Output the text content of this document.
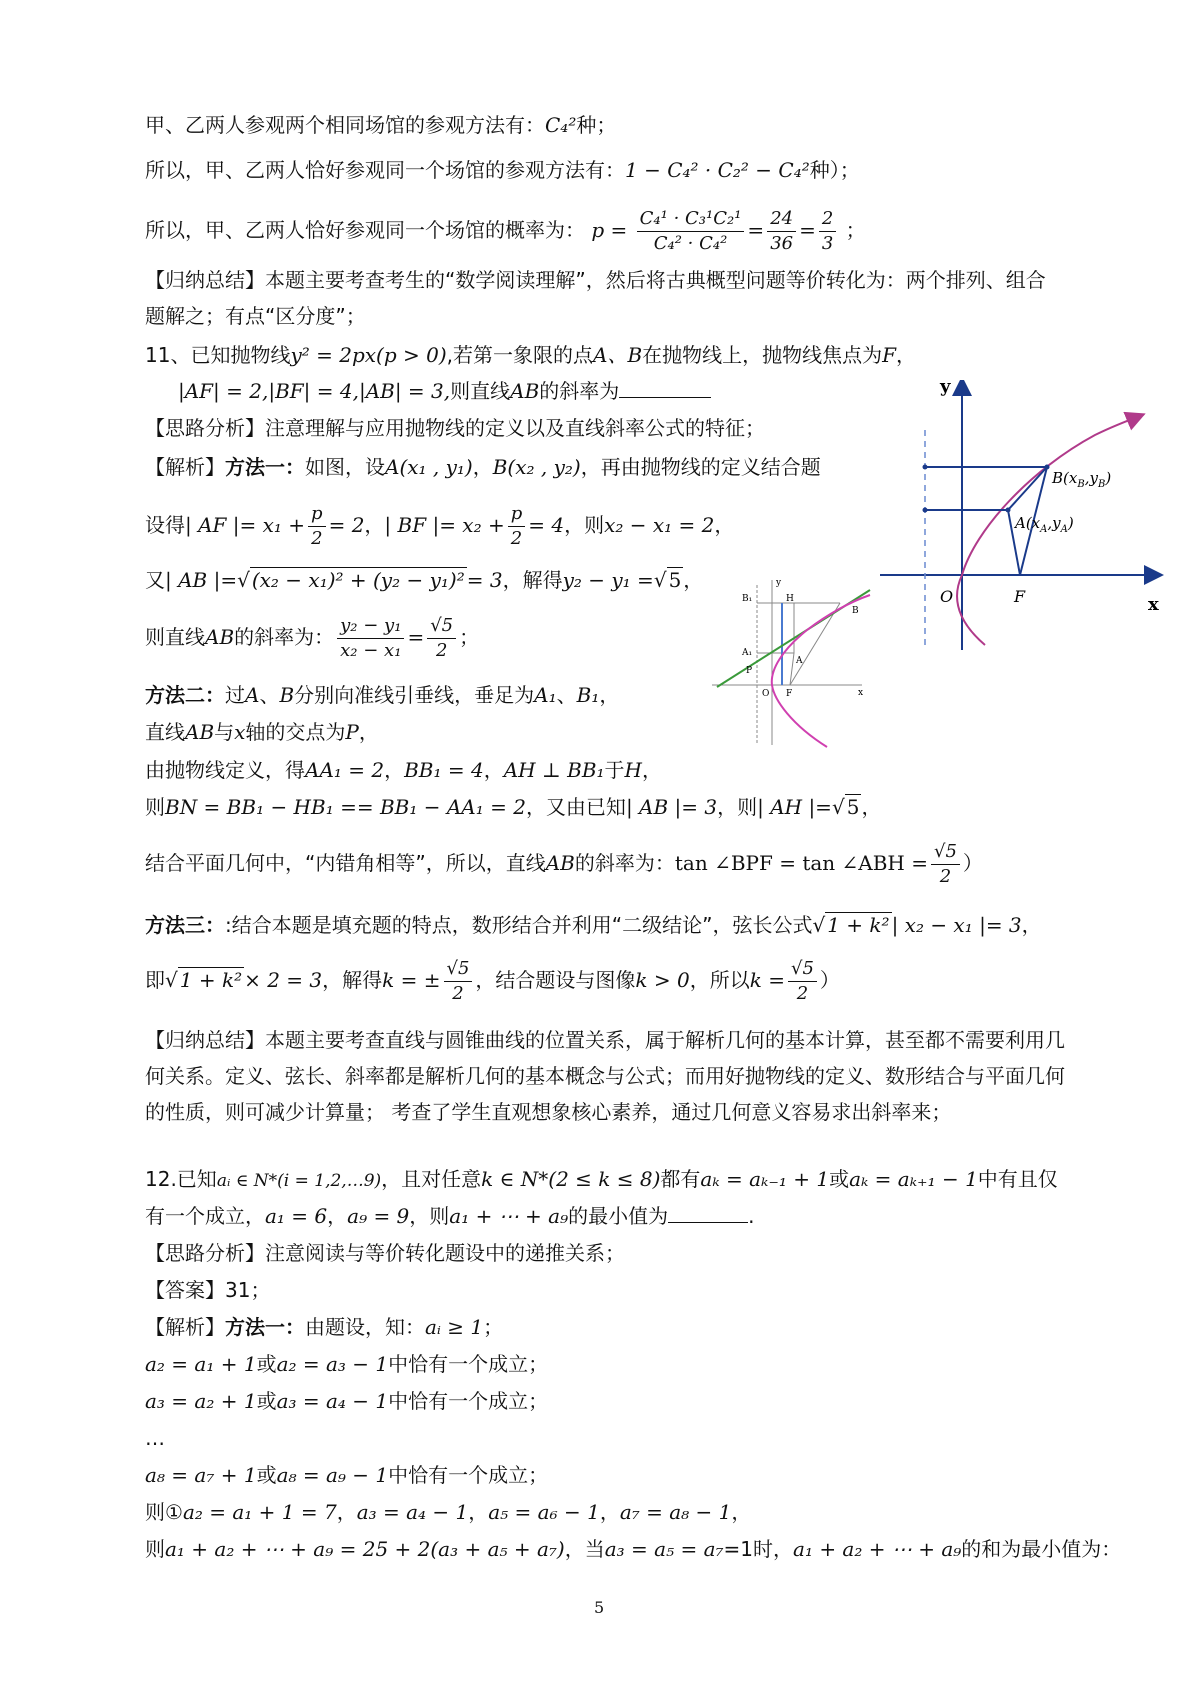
甲、乙两人参观两个相同场馆的参观方法有：C₄²种；
所以，甲、乙两人恰好参观同一个场馆的参观方法有：1 − C₄² · C₂² − C₄²种）；
所以，甲、乙两人恰好参观同一个场馆的概率为： $p = \frac{\text{C₄¹ · C₃¹C₂¹}}{\text{C₄² · C₄²}} = \frac{24}{36} = \frac{2}{3}$ ；
【归纳总结】本题主要考查考生的“数学阅读理解”，然后将古典概型问题等价转化为：两个排列、组合题解之；有点“区分度”；
11、已知抛物线y² = 2px(p > 0),若第一象限的点A、B在抛物线上，抛物线焦点为F，
|AF| = 2,|BF| = 4,|AB| = 3,则直线AB的斜率为
【思路分析】注意理解与应用抛物线的定义以及直线斜率公式的特征；
【解析】方法一：如图，设A(x₁ , y₁)，B(x₂ , y₂)，再由抛物线的定义结合题
设得| AF |= $x_1 + \frac{p}{2} = 2$，| BF |= $x_2 + \frac{p}{2} = 4$，则x₂ − x₁ = 2，
又| AB |=√ (x₂ − x₁)² + (y₂ − y₁)² = 3，解得y₂ − y₁ =√ 5 ，
则直线AB的斜率为： $\frac{\text{y₂ − y₁}}{\text{x₂ − x₁}} = \frac{√5}{2}$ ；
方法二：过A、B分别向准线引垂线，垂足为A₁、B₁，
直线AB与x轴的交点为P，
由抛物线定义，得AA₁ = 2，BB₁ = 4，AH ⊥ BB₁于H，
则BN = BB₁ − HB₁ == BB₁ − AA₁ = 2，又由已知| AB |= 3，则| AH |=√ 5 ，
结合平面几何中，“内错角相等”，所以，直线AB的斜率为：tan ∠BPF = tan ∠ABH = $\frac{√5}{2}$ ）
方法三：:结合本题是填充题的特点，数形结合并利用“二级结论”，弦长公式√ 1 + k² | x₂ − x₁ |= 3，
即√ 1 + k² × 2 = 3，解得k = ± $\frac{√5}{2}$ ，结合题设与图像k > 0，所以$k = \frac{√5}{2}$ ）
【归纳总结】本题主要考查直线与圆锥曲线的位置关系，属于解析几何的基本计算，甚至都不需要利用几何关系。定义、弦长、斜率都是解析几何的基本概念与公式；而用好抛物线的定义、数形结合与平面几何的性质，则可减少计算量； 考查了学生直观想象核心素养，通过几何意义容易求出斜率来；
12.已知aᵢ ∈ N*(i = 1,2,…9)，且对任意k ∈ N*(2 ≤ k ≤ 8)都有aₖ = aₖ₋₁ + 1或aₖ = aₖ₊₁ − 1中有且仅
有一个成立，a₁ = 6，a₉ = 9，则a₁ + ⋯ + a₉的最小值为	.
【思路分析】注意阅读与等价转化题设中的递推关系；
【答案】31；
【解析】方法一：由题设，知：aᵢ ≥ 1；
a₂ = a₁ + 1或a₂ = a₃ − 1中恰有一个成立；
a₃ = a₂ + 1或a₃ = a₄ − 1中恰有一个成立；
…
a₈ = a₇ + 1或a₈ = a₉ − 1中恰有一个成立；
则①a₂ = a₁ + 1 = 7，a₃ = a₄ − 1，a₅ = a₆ − 1，a₇ = a₈ − 1，
则a₁ + a₂ + ⋯ + a₉ = 25 + 2(a₃ + a₅ + a₇)，当a₃ = a₅ = a₇=1时，a₁ + a₂ + ⋯ + a₉的和为最小值为：
y
x
O	F
$B(x_B,y_B)$
$A(x_A,y_A)$
B₁	H
A₁
P
O F
A
B
x
y
5
